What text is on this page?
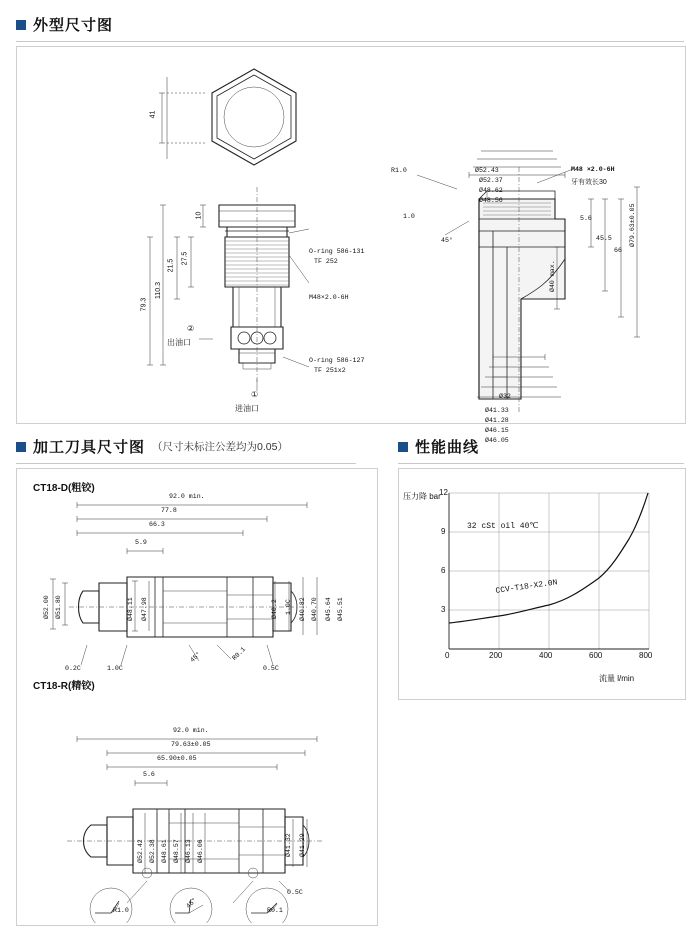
外型尺寸图
41
10
27.5
21.5
110.3
79.3
O-ring 586-131
TF 252
M48×2.0-6H
O-ring 586-127
TF 251x2
出油口
②
进油口
①
Ø52.43
Ø52.37
Ø48.62
Ø48.56
M48 ×2.0-6H
牙有效长30
R1.0
1.0
45°
5.6
45.5
66
Ø79.63±0.05
Ø40 max.
Ø32
Ø41.33
Ø41.28
Ø46.15
Ø46.05
加工刀具尺寸图 （尺寸未标注公差均为0.05）	性能曲线
CT18-D(粗铰)
92.0 min.
77.8
66.3
5.9
Ø52.00 Ø51.80	Ø48.11 Ø47.98	Ø40.82 Ø40.70 Ø45.64 Ø45.51
Ø40.2 1.0C
0.2C	1.0C	0.5C
45°	R0.1
CT18-R(精铰)
92.0 min.
79.63±0.05
65.90±0.05
5.6
Ø52.42 Ø52.38 Ø48.61 Ø48.57 Ø46.13 Ø46.06	Ø41.32 Ø41.29
0.5C
R1.0
45°
R0.1
压力降 bar
12
9
6
3
0	200	400	600	800
流量 l/min
32 cSt oil 40℃
CCV-T18-X2.0N
